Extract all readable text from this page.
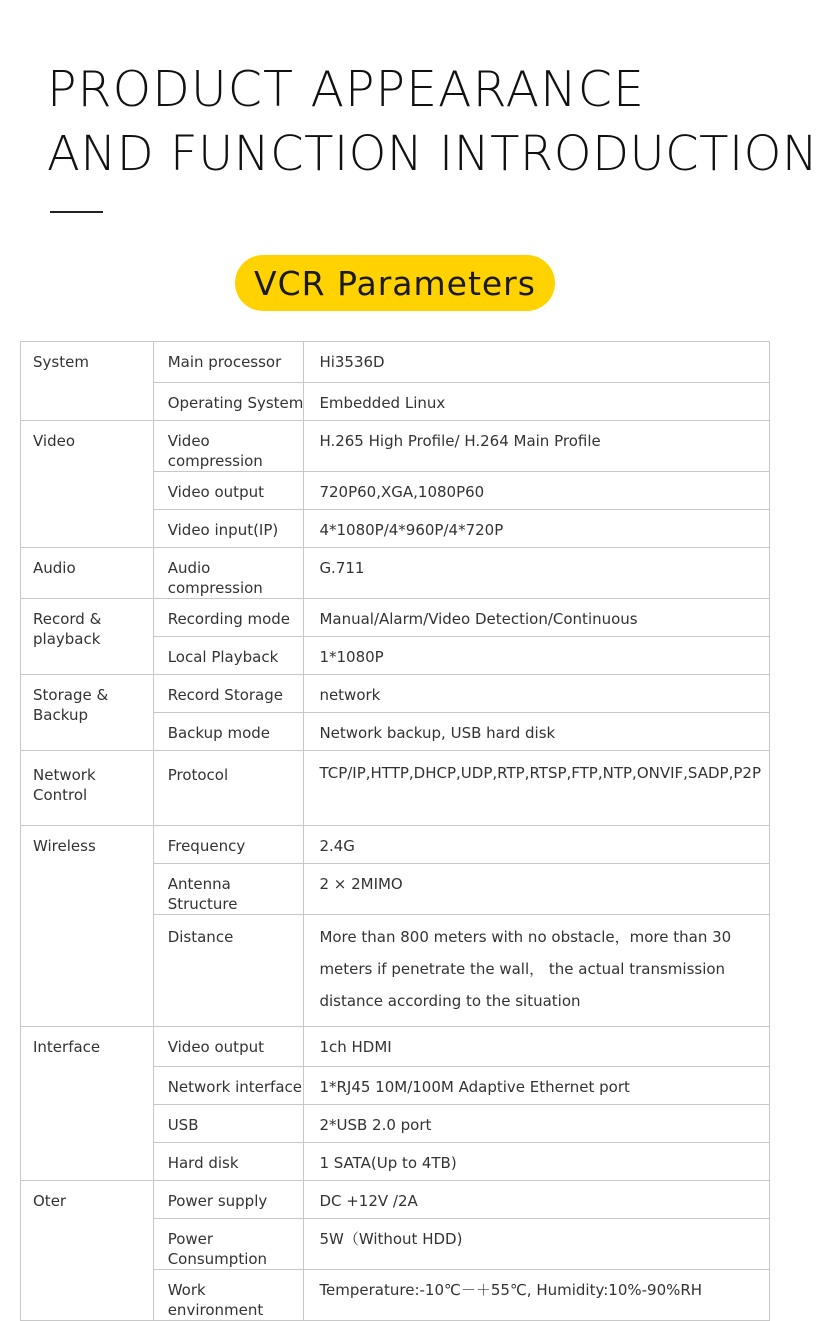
PRODUCT APPEARANCE
AND FUNCTION INTRODUCTION
VCR Parameters
System	Main processor	Hi3536D
	Operating System	Embedded Linux
Video	Video compression	H.265 High Profile/ H.264 Main Profile
	Video output	720P60,XGA,1080P60
	Video input(IP)	4*1080P/4*960P/4*720P
Audio	Audio compression	G.711
Record & playback	Recording mode	Manual/Alarm/Video Detection/Continuous
	Local Playback	1*1080P
Storage & Backup	Record Storage	network
	Backup mode	Network backup, USB hard disk
Network Control	Protocol	TCP/IP,HTTP,DHCP,UDP,RTP,RTSP,FTP,NTP,ONVIF,SADP,P2P
Wireless	Frequency	2.4G
	Antenna Structure	2 × 2MIMO
	Distance	More than 800 meters with no obstacle，more than 30 meters if penetrate the wall， the actual transmission distance according to the situation
Interface	Video output	1ch HDMI
	Network interface	1*RJ45 10M/100M Adaptive Ethernet port
	USB	2*USB 2.0 port
	Hard disk	1 SATA(Up to 4TB)
Oter	Power supply	DC +12V /2A
	Power Consumption	5W（Without HDD)
	Work environment	Temperature:-10℃－＋55℃, Humidity:10%-90%RH
